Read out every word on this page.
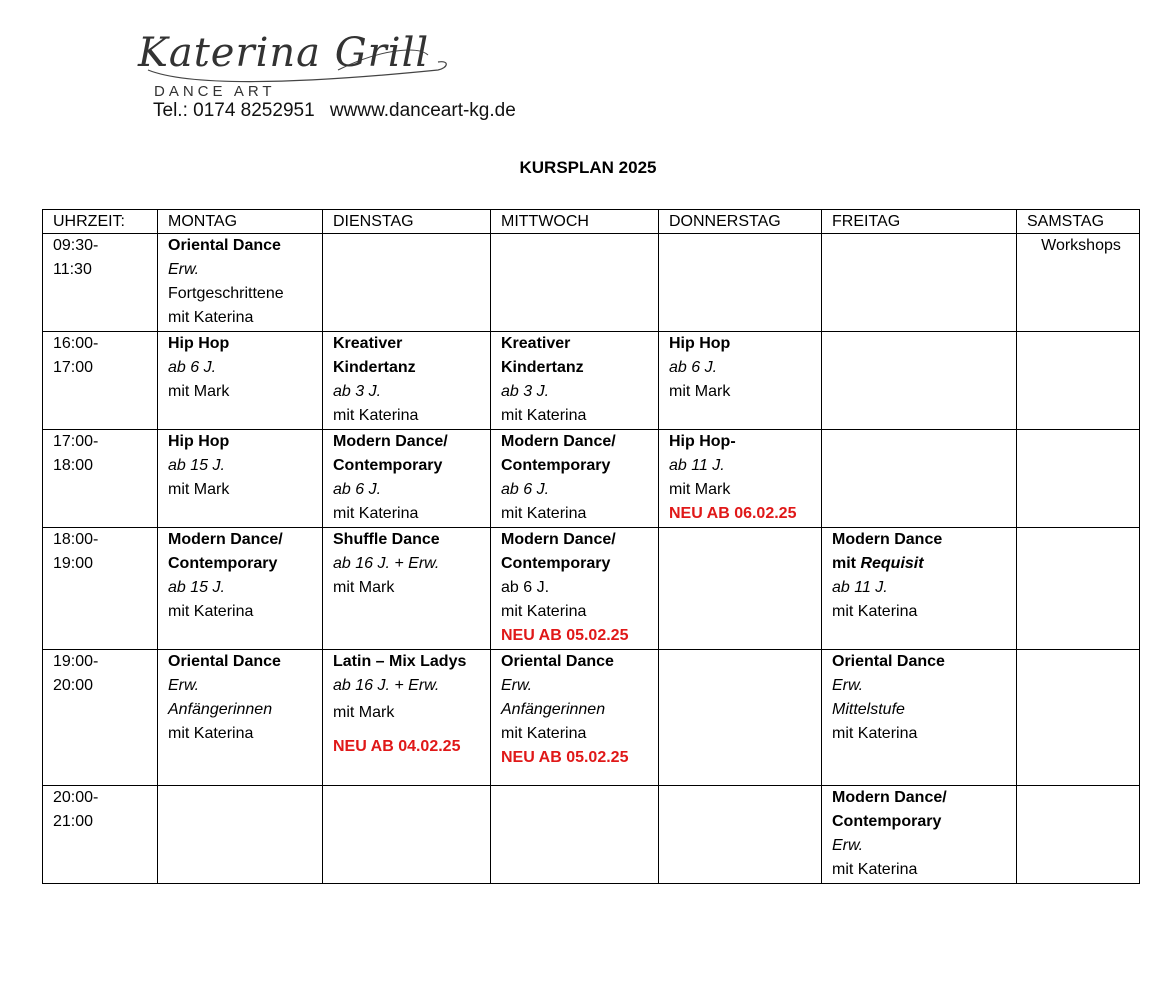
Katerina Grill
DANCE ART
Tel.: 0174 8252951 wwww.danceart-kg.de
KURSPLAN 2025
UHRZEIT:	MONTAG	DIENSTAG	MITTWOCH	DONNERSTAG	FREITAG	SAMSTAG

09:30-
11:30	Oriental Dance
Erw.
Fortgeschrittene
mit Katerina					Workshops

16:00-
17:00	Hip Hop
ab 6 J.
mit Mark	Kreativer
Kindertanz
ab 3 J.
mit Katerina	Kreativer
Kindertanz
ab 3 J.
mit Katerina	Hip Hop
ab 6 J.
mit Mark		

17:00-
18:00	Hip Hop
ab 15 J.
mit Mark	Modern Dance/
Contemporary
ab 6 J.
mit Katerina	Modern Dance/
Contemporary
ab 6 J.
mit Katerina	Hip Hop-
ab 11 J.
mit Mark
NEU AB 06.02.25		

18:00-
19:00	Modern Dance/
Contemporary
ab 15 J.
mit Katerina	Shuffle Dance
ab 16 J. + Erw.
mit Mark	Modern Dance/
Contemporary
ab 6 J.
mit Katerina
NEU AB 05.02.25		Modern Dance
mit Requisit
ab 11 J.
mit Katerina	

19:00-
20:00	Oriental Dance
Erw.
Anfängerinnen
mit Katerina	Latin – Mix Ladys
ab 16 J. + Erw.
mit Mark
NEU AB 04.02.25	Oriental Dance
Erw.
Anfängerinnen
mit Katerina
NEU AB 05.02.25		Oriental Dance
Erw.
Mittelstufe
mit Katerina	

20:00-
21:00					Modern Dance/
Contemporary
Erw.
mit Katerina	
